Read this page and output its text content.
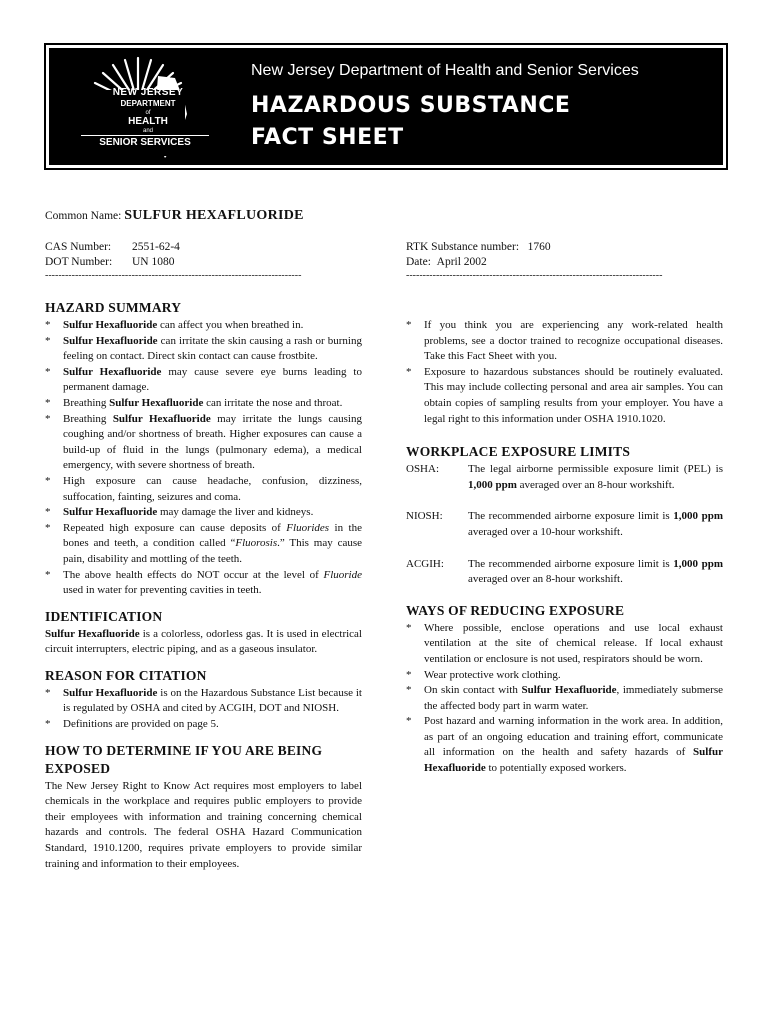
NEW JERSEY
DEPARTMENT
of
HEALTH
and
SENIOR SERVICES
New Jersey Department of Health and Senior Services
HAZARDOUS SUBSTANCE
FACT SHEET
Common Name: SULFUR HEXAFLUORIDE
CAS Number: 2551-62-4
DOT Number: UN 1080
RTK Substance number: 1760
Date: April 2002
-----------------------------------------------------------------------------	-----------------------------------------------------------------------------
HAZARD SUMMARY
* Sulfur Hexafluoride can affect you when breathed in.
* Sulfur Hexafluoride can irritate the skin causing a rash or burning feeling on contact. Direct skin contact can cause frostbite.
* Sulfur Hexafluoride may cause severe eye burns leading to permanent damage.
* Breathing Sulfur Hexafluoride can irritate the nose and throat.
* Breathing Sulfur Hexafluoride may irritate the lungs causing coughing and/or shortness of breath. Higher exposures can cause a build-up of fluid in the lungs (pulmonary edema), a medical emergency, with severe shortness of breath.
* High exposure can cause headache, confusion, dizziness, suffocation, fainting, seizures and coma.
* Sulfur Hexafluoride may damage the liver and kidneys.
* Repeated high exposure can cause deposits of Fluorides in the bones and teeth, a condition called “Fluorosis.” This may cause pain, disability and mottling of the teeth.
* The above health effects do NOT occur at the level of Fluoride used in water for preventing cavities in teeth.
IDENTIFICATION

Sulfur Hexafluoride is a colorless, odorless gas. It is used in electrical circuit interrupters, electric piping, and as a gaseous insulator.

REASON FOR CITATION
* Sulfur Hexafluoride is on the Hazardous Substance List because it is regulated by OSHA and cited by ACGIH, DOT and NIOSH.
* Definitions are provided on page 5.
HOW TO DETERMINE IF YOU ARE BEING EXPOSED

The New Jersey Right to Know Act requires most employers to label chemicals in the workplace and requires public employers to provide their employees with information and training concerning chemical hazards and controls. The federal OSHA Hazard Communication Standard, 1910.1200, requires private employers to provide similar training and information to their employees.

* If you think you are experiencing any work-related health problems, see a doctor trained to recognize occupational diseases. Take this Fact Sheet with you.
* Exposure to hazardous substances should be routinely evaluated. This may include collecting personal and area air samples. You can obtain copies of sampling results from your employer. You have a legal right to this information under OSHA 1910.1020.
WORKPLACE EXPOSURE LIMITS
OSHA:	The legal airborne permissible exposure limit (PEL) is 1,000 ppm averaged over an 8-hour workshift.
NIOSH:	The recommended airborne exposure limit is 1,000 ppm averaged over a 10-hour workshift.
ACGIH:	The recommended airborne exposure limit is 1,000 ppm averaged over an 8-hour workshift.
WAYS OF REDUCING EXPOSURE
* Where possible, enclose operations and use local exhaust ventilation at the site of chemical release. If local exhaust ventilation or enclosure is not used, respirators should be worn.
* Wear protective work clothing.
* On skin contact with Sulfur Hexafluoride, immediately submerse the affected body part in warm water.
* Post hazard and warning information in the work area. In addition, as part of an ongoing education and training effort, communicate all information on the health and safety hazards of Sulfur Hexafluoride to potentially exposed workers.
